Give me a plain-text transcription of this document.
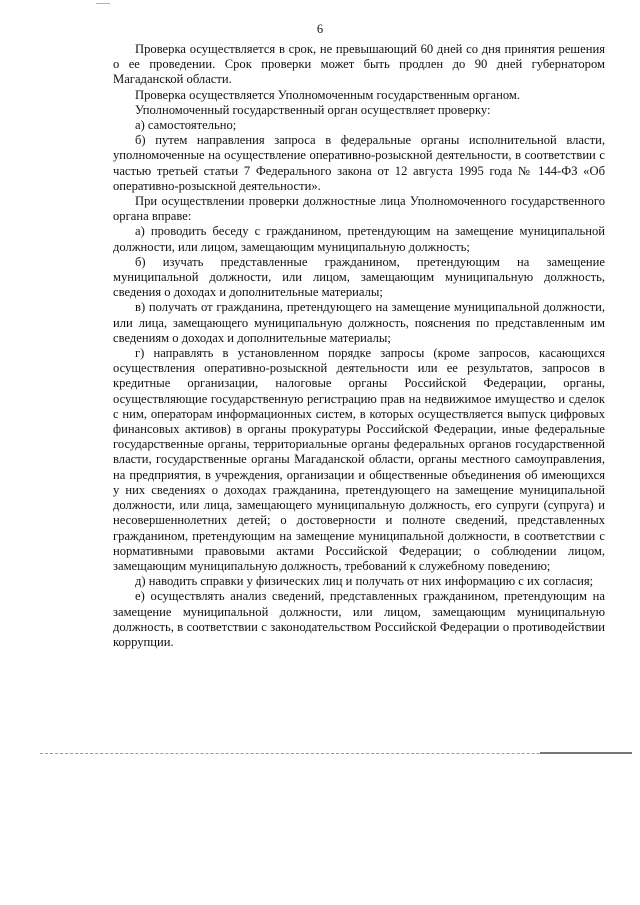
6

Проверка осуществляется в срок, не превышающий 60 дней со дня принятия решения о ее проведении. Срок проверки может быть продлен до 90 дней губернатором Магаданской области.

Проверка осуществляется Уполномоченным государственным органом.

Уполномоченный государственный орган осуществляет проверку:

а) самостоятельно;

б) путем направления запроса в федеральные органы исполнительной власти, уполномоченные на осуществление оперативно-розыскной деятельности, в соответствии с частью третьей статьи 7 Федерального закона от 12 августа 1995 года № 144-ФЗ «Об оперативно-розыскной деятельности».

При осуществлении проверки должностные лица Уполномоченного государственного органа вправе:

а) проводить беседу с гражданином, претендующим на замещение муниципальной должности, или лицом, замещающим муниципальную должность;

б) изучать представленные гражданином, претендующим на замещение муниципальной должности, или лицом, замещающим муниципальную должность, сведения о доходах и дополнительные материалы;

в) получать от гражданина, претендующего на замещение муниципальной должности, или лица, замещающего муниципальную должность, пояснения по представленным им сведениям о доходах и дополнительные материалы;

г) направлять в установленном порядке запросы (кроме запросов, касающихся осуществления оперативно-розыскной деятельности или ее результатов, запросов в кредитные организации, налоговые органы Российской Федерации, органы, осуществляющие государственную регистрацию прав на недвижимое имущество и сделок с ним, операторам информационных систем, в которых осуществляется выпуск цифровых финансовых активов) в органы прокуратуры Российской Федерации, иные федеральные государственные органы, территориальные органы федеральных органов государственной власти, государственные органы Магаданской области, органы местного самоуправления, на предприятия, в учреждения, организации и общественные объединения об имеющихся у них сведениях о доходах гражданина, претендующего на замещение муниципальной должности, или лица, замещающего муниципальную должность, его супруги (супруга) и несовершеннолетних детей; о достоверности и полноте сведений, представленных гражданином, претендующим на замещение муниципальной должности, в соответствии с нормативными правовыми актами Российской Федерации; о соблюдении лицом, замещающим муниципальную должность, требований к служебному поведению;

д) наводить справки у физических лиц и получать от них информацию с их согласия;

е) осуществлять анализ сведений, представленных гражданином, претендующим на замещение муниципальной должности, или лицом, замещающим муниципальную должность, в соответствии с законодательством Российской Федерации о противодействии коррупции.
